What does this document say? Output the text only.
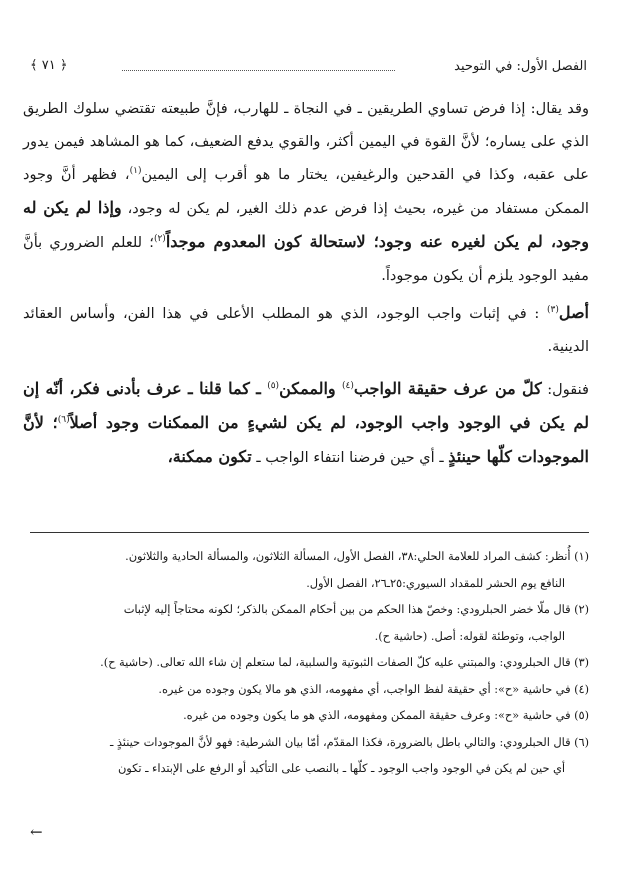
﴾ ٧١ ﴿	الفصل الأول: في التوحيد

وقد يقال: إذا فرض تساوي الطريقين ـ في النجاة ـ للهارب، فإنَّ طبيعته تقتضي سلوك الطريق الذي على يساره؛ لأنَّ القوة في اليمين أكثر، والقوي يدفع الضعيف، كما هو المشاهد فيمن يدور على عقبه، وكذا في القدحين والرغيفين، يختار ما هو أقرب إلى اليمين$^{(١)}$، فظهر أنَّ وجود الممكن مستفاد من غيره، بحيث إذا فرض عدم ذلك الغير، لم يكن له وجود، وإذا لم يكن له وجود، لم يكن لغيره عنه وجود؛ لاستحالة كون المعدوم موجداً$^{(٢)}$؛ للعلم الضروري بأنَّ مفيد الوجود يلزم أن يكون موجوداً.

أصل$^{(٣)}$ : في إثبات واجب الوجود، الذي هو المطلب الأعلى في هذا الفن، وأساس العقائد الدينية.

فنقول: كلّ من عرف حقيقة الواجب$^{(٤)}$ والممكن$^{(٥)}$ ـ كما قلنا ـ عرف بأدنى فكر، أنّه إن لم يكن في الوجود واجب الوجود، لم يكن لشيءٍ من الممكنات وجود أصلاً$^{(٦)}$؛ لأنَّ الموجودات كلّها حينئذٍ ـ أي حين فرضنا انتفاء الواجب ـ تكون ممكنة،

(١) أُنظر: كشف المراد للعلامة الحلي:٣٨، الفصل الأول، المسألة الثلاثون، والمسألة الحادية والثلاثون.

النافع يوم الحشر للمقداد السيوري:٢٥ـ٢٦، الفصل الأول.

(٢) قال ملّا خضر الحبلرودي: وخصّ هذا الحكم من بين أحكام الممكن بالذكر؛ لكونه محتاجاً إليه لإثبات

الواجب، وتوطئة لقوله: أصل. (حاشية ح).

(٣) قال الحبلرودي: والمبتني عليه كلّ الصفات الثبوتية والسلبية، لما ستعلم إن شاء الله تعالى. (حاشية ح).

(٤) في حاشية «ح»: أي حقيقة لفظ الواجب، أي مفهومه، الذي هو مالا يكون وجوده من غيره.

(٥) في حاشية «ح»: وعرف حقيقة الممكن ومفهومه، الذي هو ما يكون وجوده من غيره.

(٦) قال الحبلرودي: والتالي باطل بالضرورة، فكذا المقدّم، أمّا بيان الشرطية: فهو لأنَّ الموجودات حينئذٍ ـ

أي حين لم يكن في الوجود واجب الوجود ـ كلّها ـ بالنصب على التأكيد أو الرفع على الإبتداء ـ تكون

←
